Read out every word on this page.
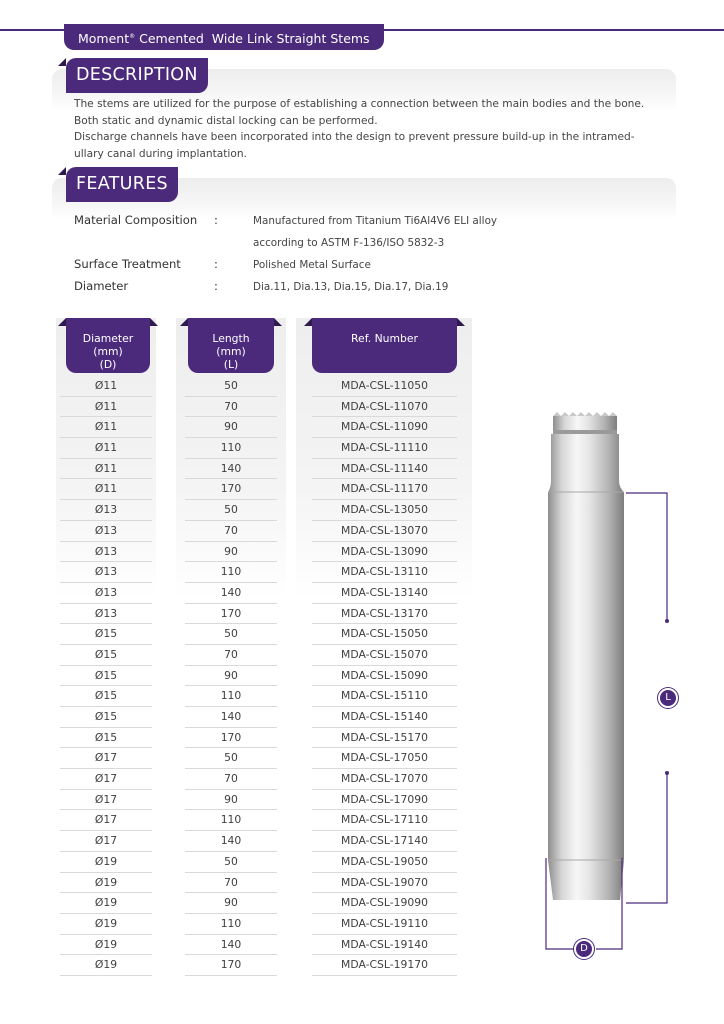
Moment® Cemented  Wide Link Straight Stems
DESCRIPTION
The stems are utilized for the purpose of establishing a connection between the main bodies and the bone.
Both static and dynamic distal locking can be performed.
Discharge channels have been incorporated into the design to prevent pressure build-up in the intramed-
ullary canal during implantation.
FEATURES
Material Composition :	Manufactured from Titanium Ti6Al4V6 ELI alloy
according to ASTM F-136/ISO 5832-3
Surface Treatment	:	Polished Metal Surface
Diameter	:	Dia.11, Dia.13, Dia.15, Dia.17, Dia.19
Diameter
(mm)
(D)
Length
(mm)
(L)
Ref. Number
Ø11	50	MDA-CSL-11050
Ø11	70	MDA-CSL-11070
Ø11	90	MDA-CSL-11090
Ø11	110	MDA-CSL-11110
Ø11	140	MDA-CSL-11140
Ø11	170	MDA-CSL-11170
Ø13	50	MDA-CSL-13050
Ø13	70	MDA-CSL-13070
Ø13	90	MDA-CSL-13090
Ø13	110	MDA-CSL-13110
Ø13	140	MDA-CSL-13140
Ø13	170	MDA-CSL-13170
Ø15	50	MDA-CSL-15050
Ø15	70	MDA-CSL-15070
Ø15	90	MDA-CSL-15090
Ø15	110	MDA-CSL-15110
Ø15	140	MDA-CSL-15140
Ø15	170	MDA-CSL-15170
Ø17	50	MDA-CSL-17050
Ø17	70	MDA-CSL-17070
Ø17	90	MDA-CSL-17090
Ø17	110	MDA-CSL-17110
Ø17	140	MDA-CSL-17140
Ø19	50	MDA-CSL-19050
Ø19	70	MDA-CSL-19070
Ø19	90	MDA-CSL-19090
Ø19	110	MDA-CSL-19110
Ø19	140	MDA-CSL-19140
Ø19	170	MDA-CSL-19170
L
D
